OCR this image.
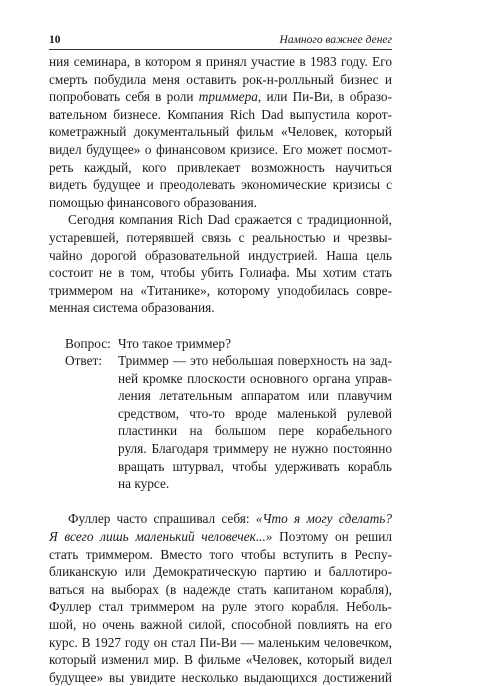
10	Намного важнее денег
ния семинара, в котором я принял участие в 1983 году. Его
смерть побудила меня оставить рок-н-ролльный бизнес и
попробовать себя в роли триммера, или Пи-Ви, в образо-
вательном бизнесе. Компания Rich Dad выпустила корот-
кометражный документальный фильм «Человек, который
видел будущее» о финансовом кризисе. Его может посмот-
реть каждый, кого привлекает возможность научиться
видеть будущее и преодолевать экономические кризисы с
помощью финансового образования.
Сегодня компания Rich Dad сражается с традиционной,
устаревшей, потерявшей связь с реальностью и чрезвы-
чайно дорогой образовательной индустрией. Наша цель
состоит не в том, чтобы убить Голиафа. Мы хотим стать
триммером на «Титанике», которому уподобилась совре-
менная система образования.
Вопрос: Что такое триммер?
Ответ: Триммер — это небольшая поверхность на зад-
ней кромке плоскости основного органа управ-
ления летательным аппаратом или плавучим
средством, что-то вроде маленькой рулевой
пластинки на большом пере корабельного
руля. Благодаря триммеру не нужно постоянно
вращать штурвал, чтобы удерживать корабль
на курсе.
Фуллер часто спрашивал себя: «Что я могу сделать?
Я всего лишь маленький человечек...» Поэтому он решил
стать триммером. Вместо того чтобы вступить в Респу-
бликанскую или Демократическую партию и баллотиро-
ваться на выборах (в надежде стать капитаном корабля),
Фуллер стал триммером на руле этого корабля. Неболь-
шой, но очень важной силой, способной повлиять на его
курс. В 1927 году он стал Пи-Ви — маленьким человечком,
который изменил мир. В фильме «Человек, который видел
будущее» вы увидите несколько выдающихся достижений
